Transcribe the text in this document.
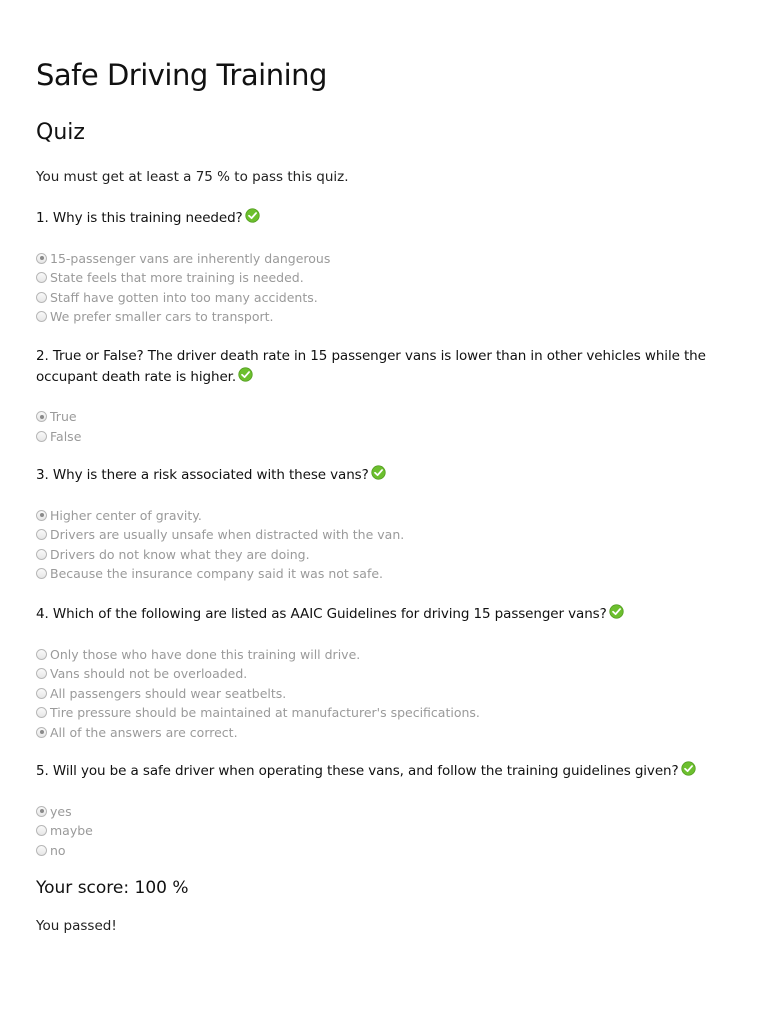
Safe Driving Training
Quiz

You must get at least a 75 % to pass this quiz.

1. Why is this training needed?

15-passenger vans are inherently dangerous
State feels that more training is needed.
Staff have gotten into too many accidents.
We prefer smaller cars to transport.

2. True or False? The driver death rate in 15 passenger vans is lower than in other vehicles while the occupant death rate is higher.

True
False

3. Why is there a risk associated with these vans?

Higher center of gravity.
Drivers are usually unsafe when distracted with the van.
Drivers do not know what they are doing.
Because the insurance company said it was not safe.

4. Which of the following are listed as AAIC Guidelines for driving 15 passenger vans?

Only those who have done this training will drive.
Vans should not be overloaded.
All passengers should wear seatbelts.
Tire pressure should be maintained at manufacturer's specifications.
All of the answers are correct.

5. Will you be a safe driver when operating these vans, and follow the training guidelines given?

yes
maybe
no
Your score: 100 %

You passed!
